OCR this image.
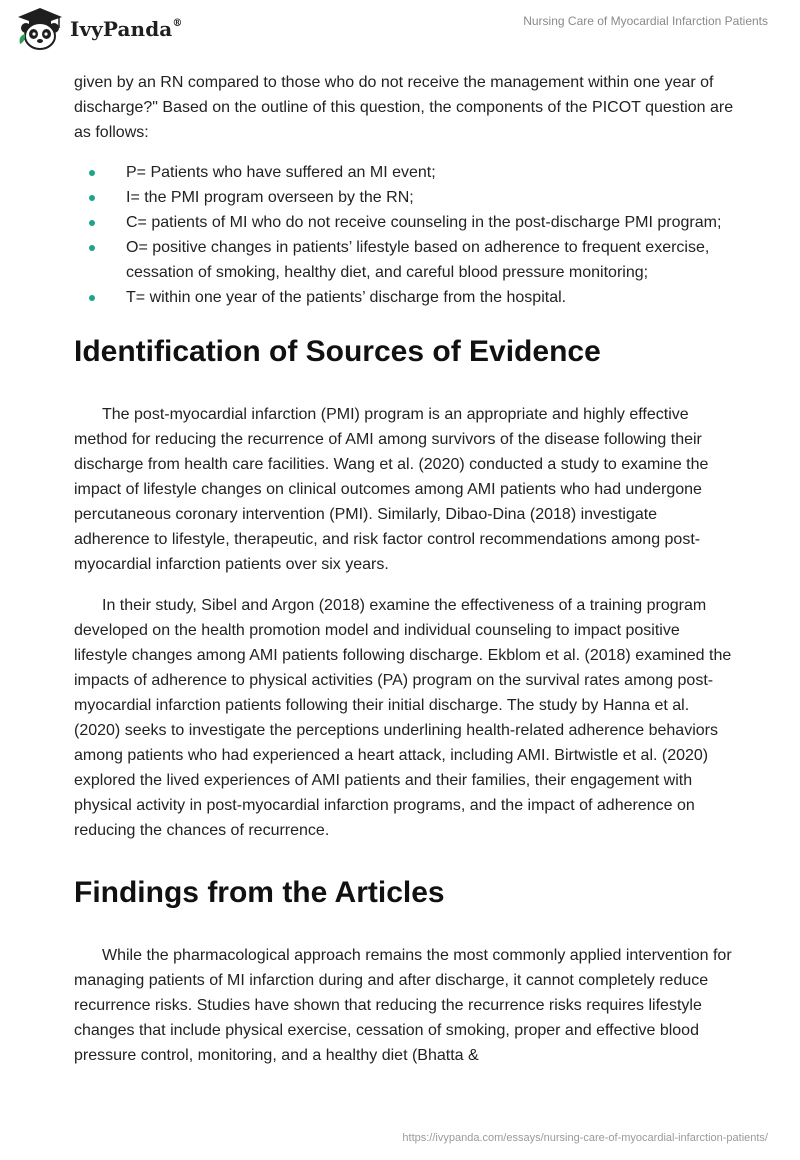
IvyPanda®	Nursing Care of Myocardial Infarction Patients

given by an RN compared to those who do not receive the management within one year of discharge?" Based on the outline of this question, the components of the PICOT question are as follows:

P= Patients who have suffered an MI event;
I= the PMI program overseen by the RN;
C= patients of MI who do not receive counseling in the post-discharge PMI program;
O= positive changes in patients’ lifestyle based on adherence to frequent exercise, cessation of smoking, healthy diet, and careful blood pressure monitoring;
T= within one year of the patients’ discharge from the hospital.
Identification of Sources of Evidence

The post-myocardial infarction (PMI) program is an appropriate and highly effective method for reducing the recurrence of AMI among survivors of the disease following their discharge from health care facilities. Wang et al. (2020) conducted a study to examine the impact of lifestyle changes on clinical outcomes among AMI patients who had undergone percutaneous coronary intervention (PMI). Similarly, Dibao-Dina (2018) investigate adherence to lifestyle, therapeutic, and risk factor control recommendations among post-myocardial infarction patients over six years.

In their study, Sibel and Argon (2018) examine the effectiveness of a training program developed on the health promotion model and individual counseling to impact positive lifestyle changes among AMI patients following discharge. Ekblom et al. (2018) examined the impacts of adherence to physical activities (PA) program on the survival rates among post-myocardial infarction patients following their initial discharge. The study by Hanna et al. (2020) seeks to investigate the perceptions underlining health-related adherence behaviors among patients who had experienced a heart attack, including AMI. Birtwistle et al. (2020) explored the lived experiences of AMI patients and their families, their engagement with physical activity in post-myocardial infarction programs, and the impact of adherence on reducing the chances of recurrence.

Findings from the Articles

While the pharmacological approach remains the most commonly applied intervention for managing patients of MI infarction during and after discharge, it cannot completely reduce recurrence risks. Studies have shown that reducing the recurrence risks requires lifestyle changes that include physical exercise, cessation of smoking, proper and effective blood pressure control, monitoring, and a healthy diet (Bhatta &

https://ivypanda.com/essays/nursing-care-of-myocardial-infarction-patients/
